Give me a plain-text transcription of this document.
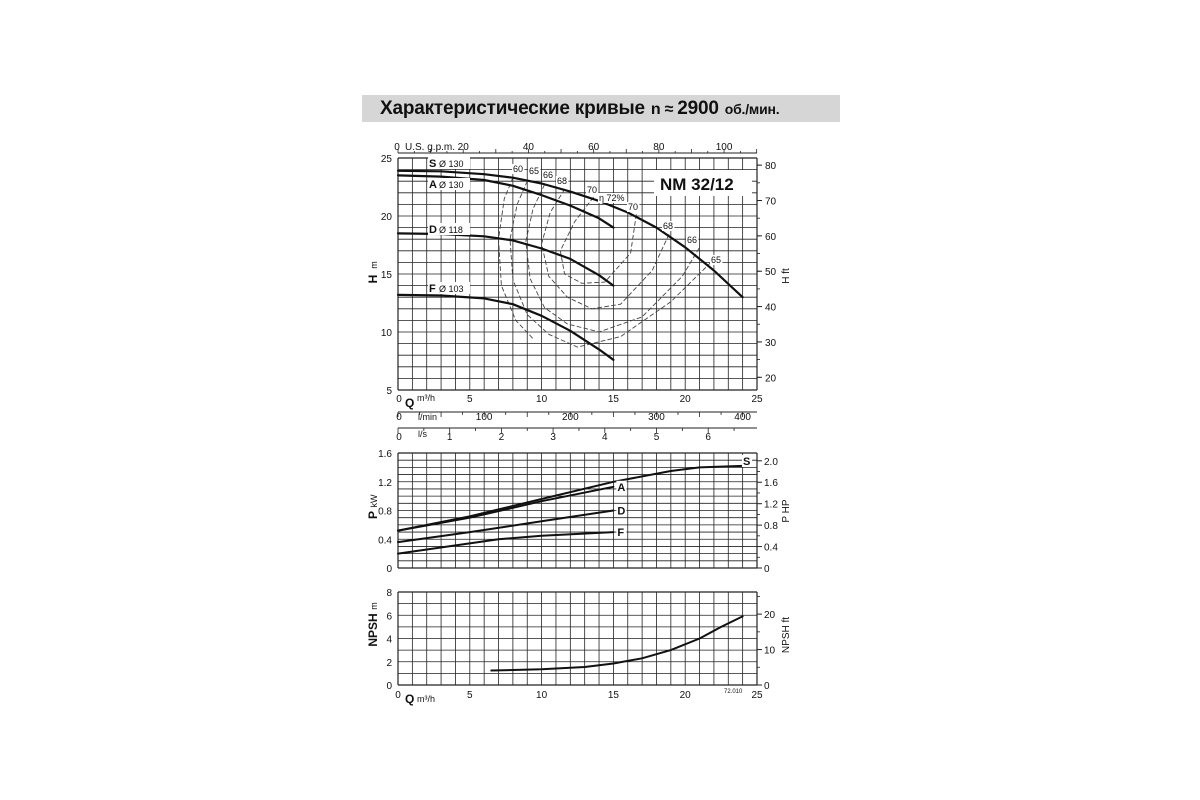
Характеристические кривые n ≈ 2900 об./мин.
0	20	40	60	80	100
U.S. g.p.m.
5
10
15
20
25
H
m
20
30
40
50
60
70
80
H ft
5	10	15	20	25
0 Q m³/h
0	100	200	300	400
l/min
0	1	2	3	4	5	6
l/s
S Ø 130
A Ø 130
D Ø 118
F Ø 103
60 65 66
68
70
η 72%
70
68
66
65
NM 32/12
0
0.4
0.8
1.2
1.6
P
kW
0
0.4
0.8
1.2
1.6
2.0
P HP
S
A
D
F
0
2
4
6
8
NPSH
m
0
10
20
NPSH ft
0	5	10	15	20	25
Q m³/h
72.010
